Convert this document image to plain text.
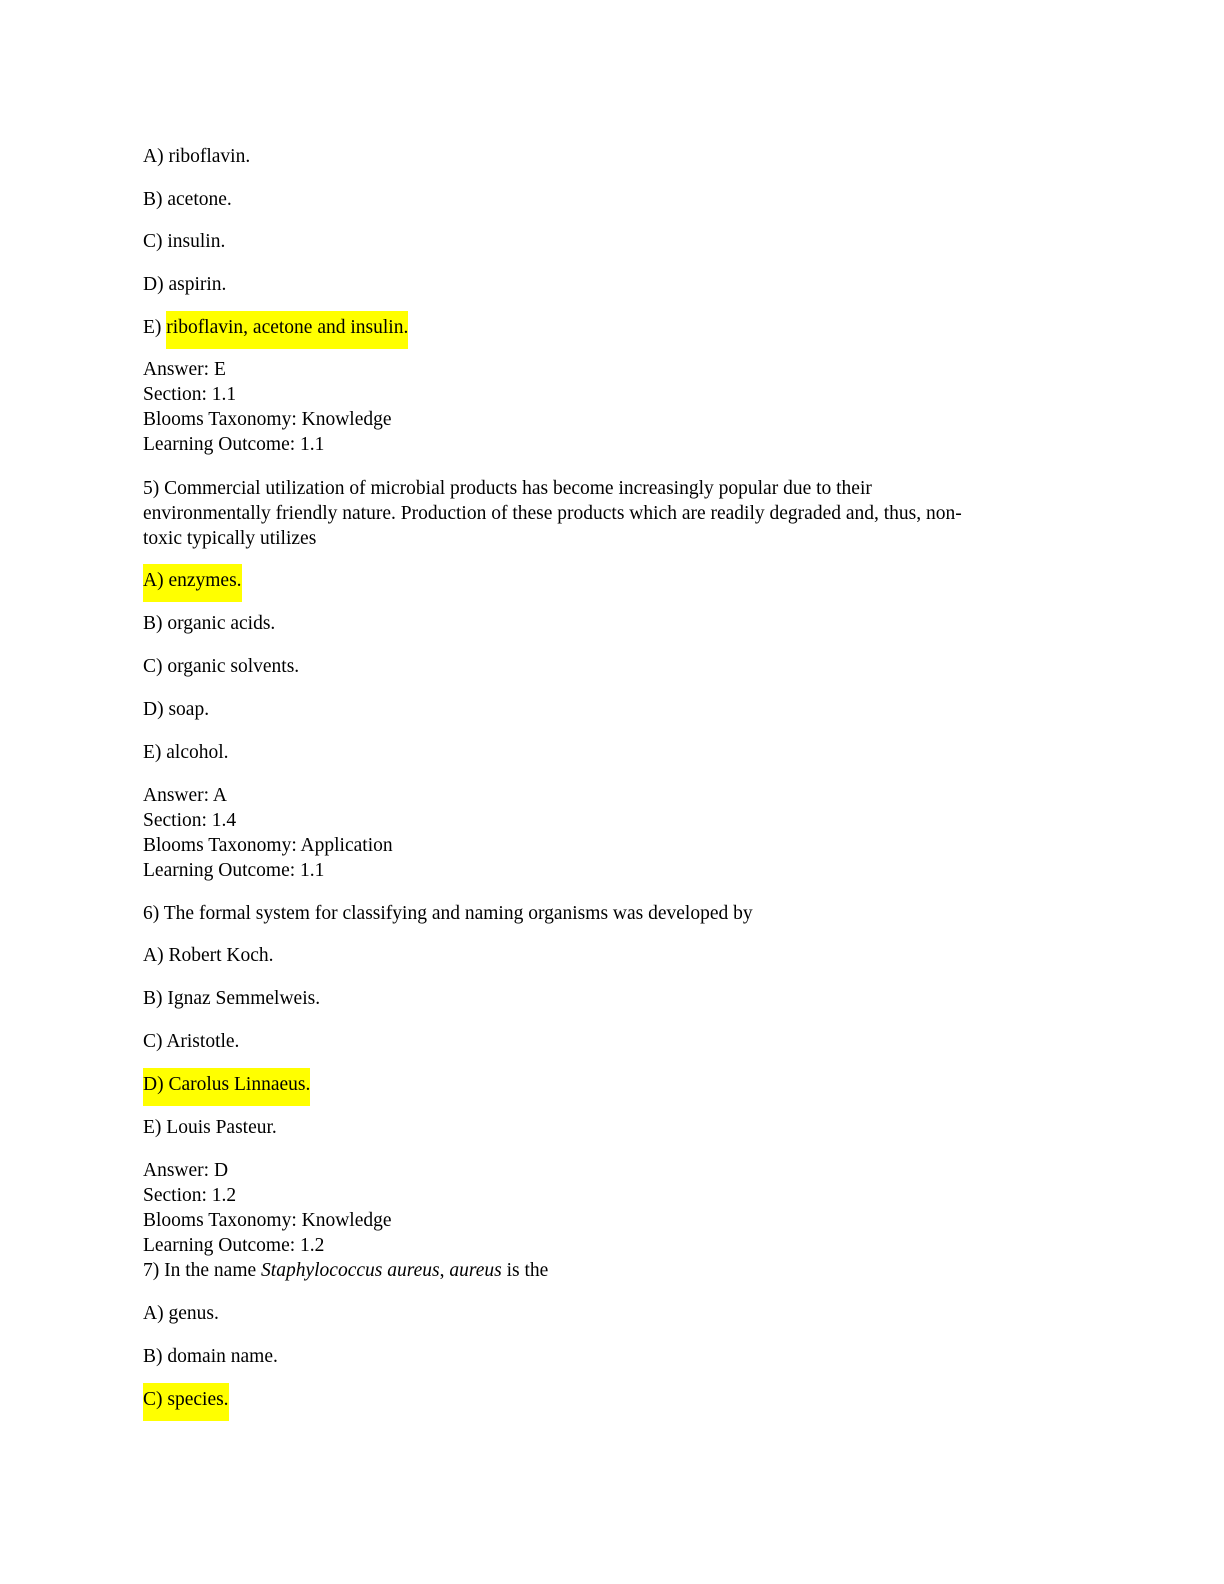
A) riboflavin.
B) acetone.
C) insulin.
D) aspirin.
E) riboflavin, acetone and insulin.
Answer: E
Section: 1.1
Blooms Taxonomy: Knowledge
Learning Outcome: 1.1
5) Commercial utilization of microbial products has become increasingly popular due to their
environmentally friendly nature. Production of these products which are readily degraded and, thus, non-
toxic typically utilizes
A) enzymes.
B) organic acids.
C) organic solvents.
D) soap.
E) alcohol.
Answer: A
Section: 1.4
Blooms Taxonomy: Application
Learning Outcome: 1.1
6) The formal system for classifying and naming organisms was developed by
A) Robert Koch.
B) Ignaz Semmelweis.
C) Aristotle.
D) Carolus Linnaeus.
E) Louis Pasteur.
Answer: D
Section: 1.2
Blooms Taxonomy: Knowledge
Learning Outcome: 1.2
7) In the name Staphylococcus aureus, aureus is the
A) genus.
B) domain name.
C) species.
